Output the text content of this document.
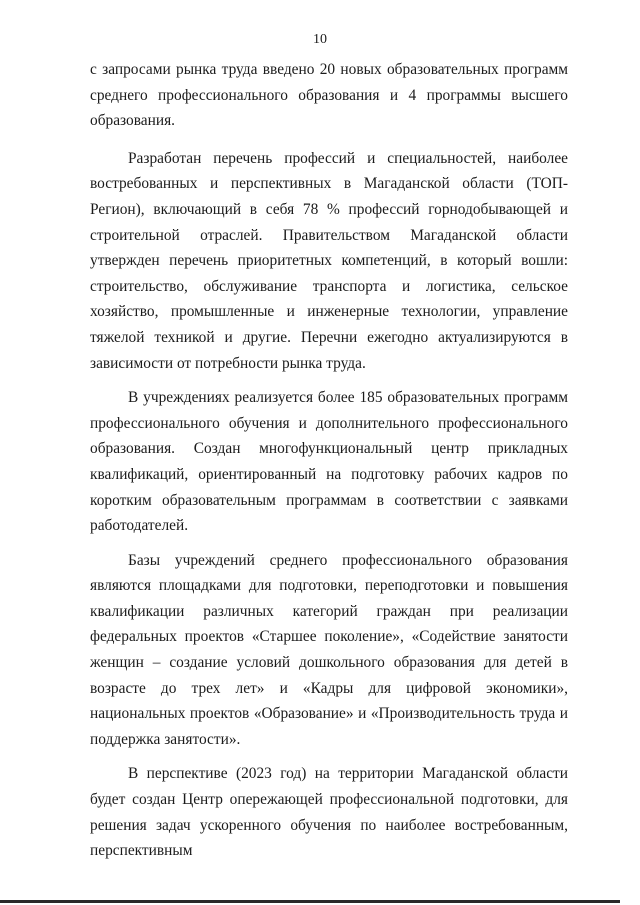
10

с запросами рынка труда введено 20 новых образовательных программ среднего профессионального образования и 4 программы высшего образования.

Разработан перечень профессий и специальностей, наиболее востребованных и перспективных в Магаданской области (ТОП-Регион), включающий в себя 78 % профессий горнодобывающей и строительной отраслей. Правительством Магаданской области утвержден перечень приоритетных компетенций, в который вошли: строительство, обслуживание транспорта и логистика, сельское хозяйство, промышленные и инженерные технологии, управление тяжелой техникой и другие. Перечни ежегодно актуализируются в зависимости от потребности рынка труда.

В учреждениях реализуется более 185 образовательных программ профессионального обучения и дополнительного профессионального образования. Создан многофункциональный центр прикладных квалификаций, ориентированный на подготовку рабочих кадров по коротким образовательным программам в соответствии с заявками работодателей.

Базы учреждений среднего профессионального образования являются площадками для подготовки, переподготовки и повышения квалификации различных категорий граждан при реализации федеральных проектов «Старшее поколение», «Содействие занятости женщин – создание условий дошкольного образования для детей в возрасте до трех лет» и «Кадры для цифровой экономики», национальных проектов «Образование» и «Производительность труда и поддержка занятости».

В перспективе (2023 год) на территории Магаданской области будет создан Центр опережающей профессиональной подготовки, для решения задач ускоренного обучения по наиболее востребованным, перспективным
